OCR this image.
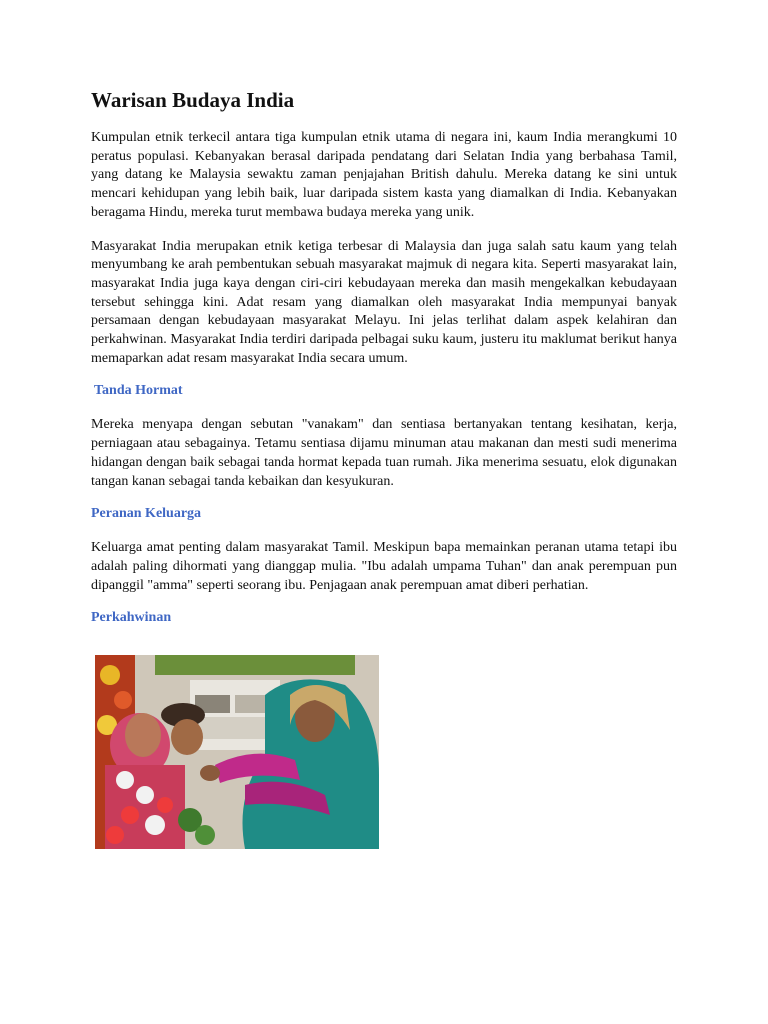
Warisan Budaya India

Kumpulan etnik terkecil antara tiga kumpulan etnik utama di negara ini, kaum India merangkumi 10 peratus populasi. Kebanyakan berasal daripada pendatang dari Selatan India yang berbahasa Tamil, yang datang ke Malaysia sewaktu zaman penjajahan British dahulu. Mereka datang ke sini untuk mencari kehidupan yang lebih baik, luar daripada sistem kasta yang diamalkan di India. Kebanyakan beragama Hindu, mereka turut membawa budaya mereka yang unik.

Masyarakat India merupakan etnik ketiga terbesar di Malaysia dan juga salah satu kaum yang telah menyumbang ke arah pembentukan sebuah masyarakat majmuk di negara kita. Seperti masyarakat lain, masyarakat India juga kaya dengan ciri-ciri kebudayaan mereka dan masih mengekalkan kebudayaan tersebut sehingga kini. Adat resam yang diamalkan oleh masyarakat India mempunyai banyak persamaan dengan kebudayaan masyarakat Melayu. Ini jelas terlihat dalam aspek kelahiran dan perkahwinan. Masyarakat India terdiri daripada pelbagai suku kaum, justeru itu maklumat berikut hanya memaparkan adat resam masyarakat India secara umum.

Tanda Hormat

Mereka menyapa dengan sebutan "vanakam" dan sentiasa bertanyakan tentang kesihatan, kerja, perniagaan atau sebagainya. Tetamu sentiasa dijamu minuman atau makanan dan mesti sudi menerima hidangan dengan baik sebagai tanda hormat kepada tuan rumah. Jika menerima sesuatu, elok digunakan tangan kanan sebagai tanda kebaikan dan kesyukuran.

Peranan Keluarga

Keluarga amat penting dalam masyarakat Tamil. Meskipun bapa memainkan peranan utama tetapi ibu adalah paling dihormati yang dianggap mulia. "Ibu adalah umpama Tuhan" dan anak perempuan pun dipanggil "amma" seperti seorang ibu. Penjagaan anak perempuan amat diberi perhatian.

Perkahwinan
